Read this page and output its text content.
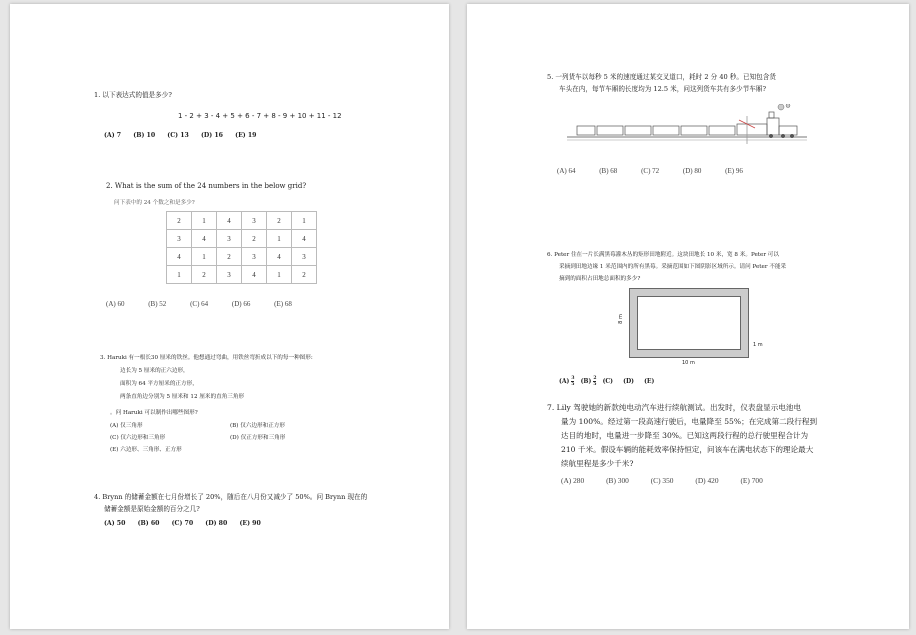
1. 以下表达式的值是多少?
1 - 2 + 3 - 4 + 5 + 6 - 7 + 8 - 9 + 10 + 11 - 12
(A) 7 (B) 10 (C) 13 (D) 16 (E) 19
2. What is the sum of the 24 numbers in the below grid?
问下表中的 24 个数之和是多少?
2	1	4	3	2	1
3	4	3	2	1	4
4	1	2	3	4	3
1	2	3	4	1	2
(A) 60	(B) 52	(C) 64	(D) 66	(E) 68
3. Haruki 有一根长30 厘米的铁丝。他想通过弯曲，用铁丝弯折成以下的每一种图形:
边长为 5 厘米的正六边形，
面积为 64 平方厘米的正方形，
两条直角边分别为 5 厘米和 12 厘米的直角三角形
。问 Haruki 可以制作出哪些图形?
(A) 仅三角形	(B) 仅六边形和正方形
(C) 仅六边形和三角形	(D) 仅正方形和三角形
(E) 六边形、三角形、正方形
4. Brynn 的储蓄金额在七月份增长了 20%，随后在八月份又减少了 50%。问 Brynn 现在的
储蓄金额是原始金额的百分之几?
(A) 50 (B) 60 (C) 70 (D) 80 (E) 90
5. 一列货车以每秒 5 米的速度通过某交叉道口，耗时 2 分 40 秒。已知包含货
车头在内，每节车厢的长度均为 12.5 米，问这列货车共有多少节车厢?
(A) 64	(B) 68	(C) 72	(D) 80	(E) 96
6. Peter 住在一片长满黑莓灌木丛的矩形田地附近。这块田地长 10 米，宽 8 米。Peter 可以
采摘到田地边缘 1 米范围内的所有黑莓。采摘范围如下图阴影区域所示。请问 Peter 不能采
摘到的面积占田地总面积的多少?
8 m
10 m
1 m
$(A) \frac{3}{5} (B) \frac{2}{5} (C)$ (D) (E)
7. Lily 驾驶她的新款纯电动汽车进行续航测试。出发时，仪表盘显示电池电
量为 100%。经过第一段高速行驶后，电量降至 55%；在完成第二段行程到
达目的地时，电量进一步降至 30%。已知这两段行程的总行驶里程合计为
210 千米。假设车辆的能耗效率保持恒定，问该车在满电状态下的理论最大
续航里程是多少千米?
(A) 280	(B) 300	(C) 350	(D) 420	(E) 700
